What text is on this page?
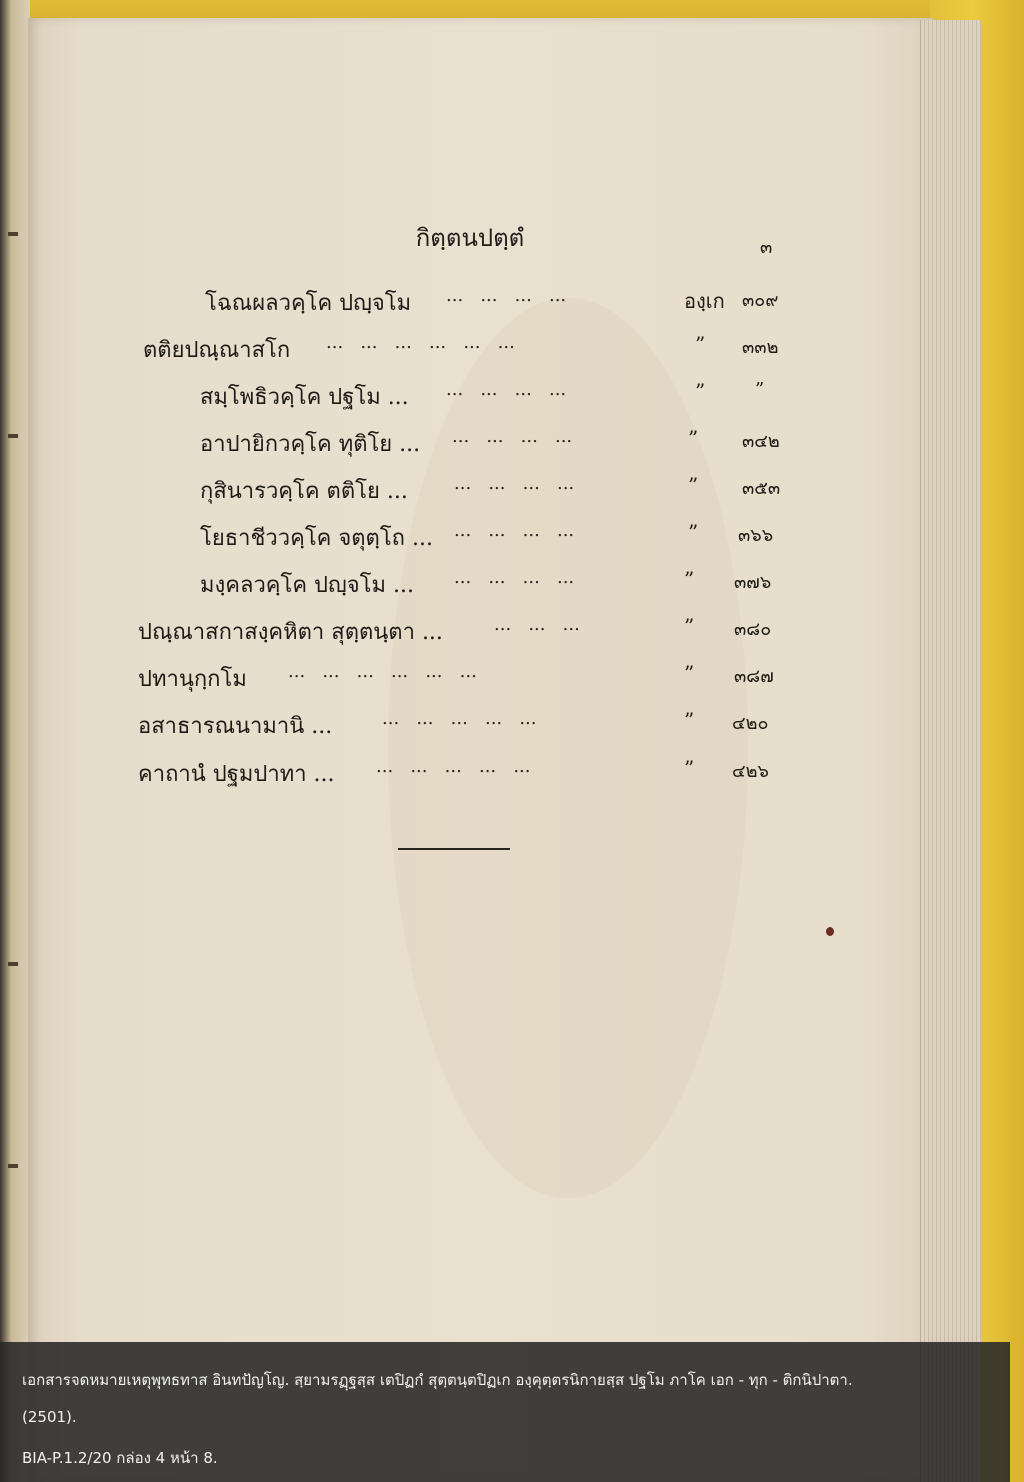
กิตฺตนปตฺตํ	๓
โฉณผลวคฺโค ปญฺจโม ...   ...   ...   ...	องฺเก ๓๐๙
ตติยปณฺณาสโก ...   ...   ...   ...   ...   ...	” ๓๓๒
สมฺโพธิวคฺโค ปฐโม ... ...   ...   ...   ...	”	”
อาปายิกวคฺโค ทุติโย ... ...   ...   ...   ...	” ๓๔๒
กุสินารวคฺโค ตติโย ...	...   ...   ...   ...	” ๓๕๓
โยธาชีววคฺโค จตุตฺโถ ... ...   ...   ...   ...	” ๓๖๖
มงฺคลวคฺโค ปญฺจโม ... ...   ...   ...   ...	” ๓๗๖
ปณฺณาสกาสงฺคหิตา สุตฺตนฺตา ...	...   ...   ...	” ๓๘๐
ปทานุกฺกโม ...   ...   ...   ...   ...   ...	” ๓๘๗
อสาธารณนามานิ ...	...   ...   ...   ...   ...	” ๔๒๐
คาถานํ ปฐมปาทา ... ...   ...   ...   ...   ...	” ๔๒๖
เอกสารจดหมายเหตุพุทธทาส อินทปัญโญ. สฺยามรฏฺฐสฺส เตปิฏกํ สุตฺตนฺตปิฏเก องฺคุตฺตรนิกายสฺส ปฐโม ภาโค เอก - ทุก - ติกนิปาตา.
(2501).
BIA-P.1.2/20 กล่อง 4 หน้า 8.
